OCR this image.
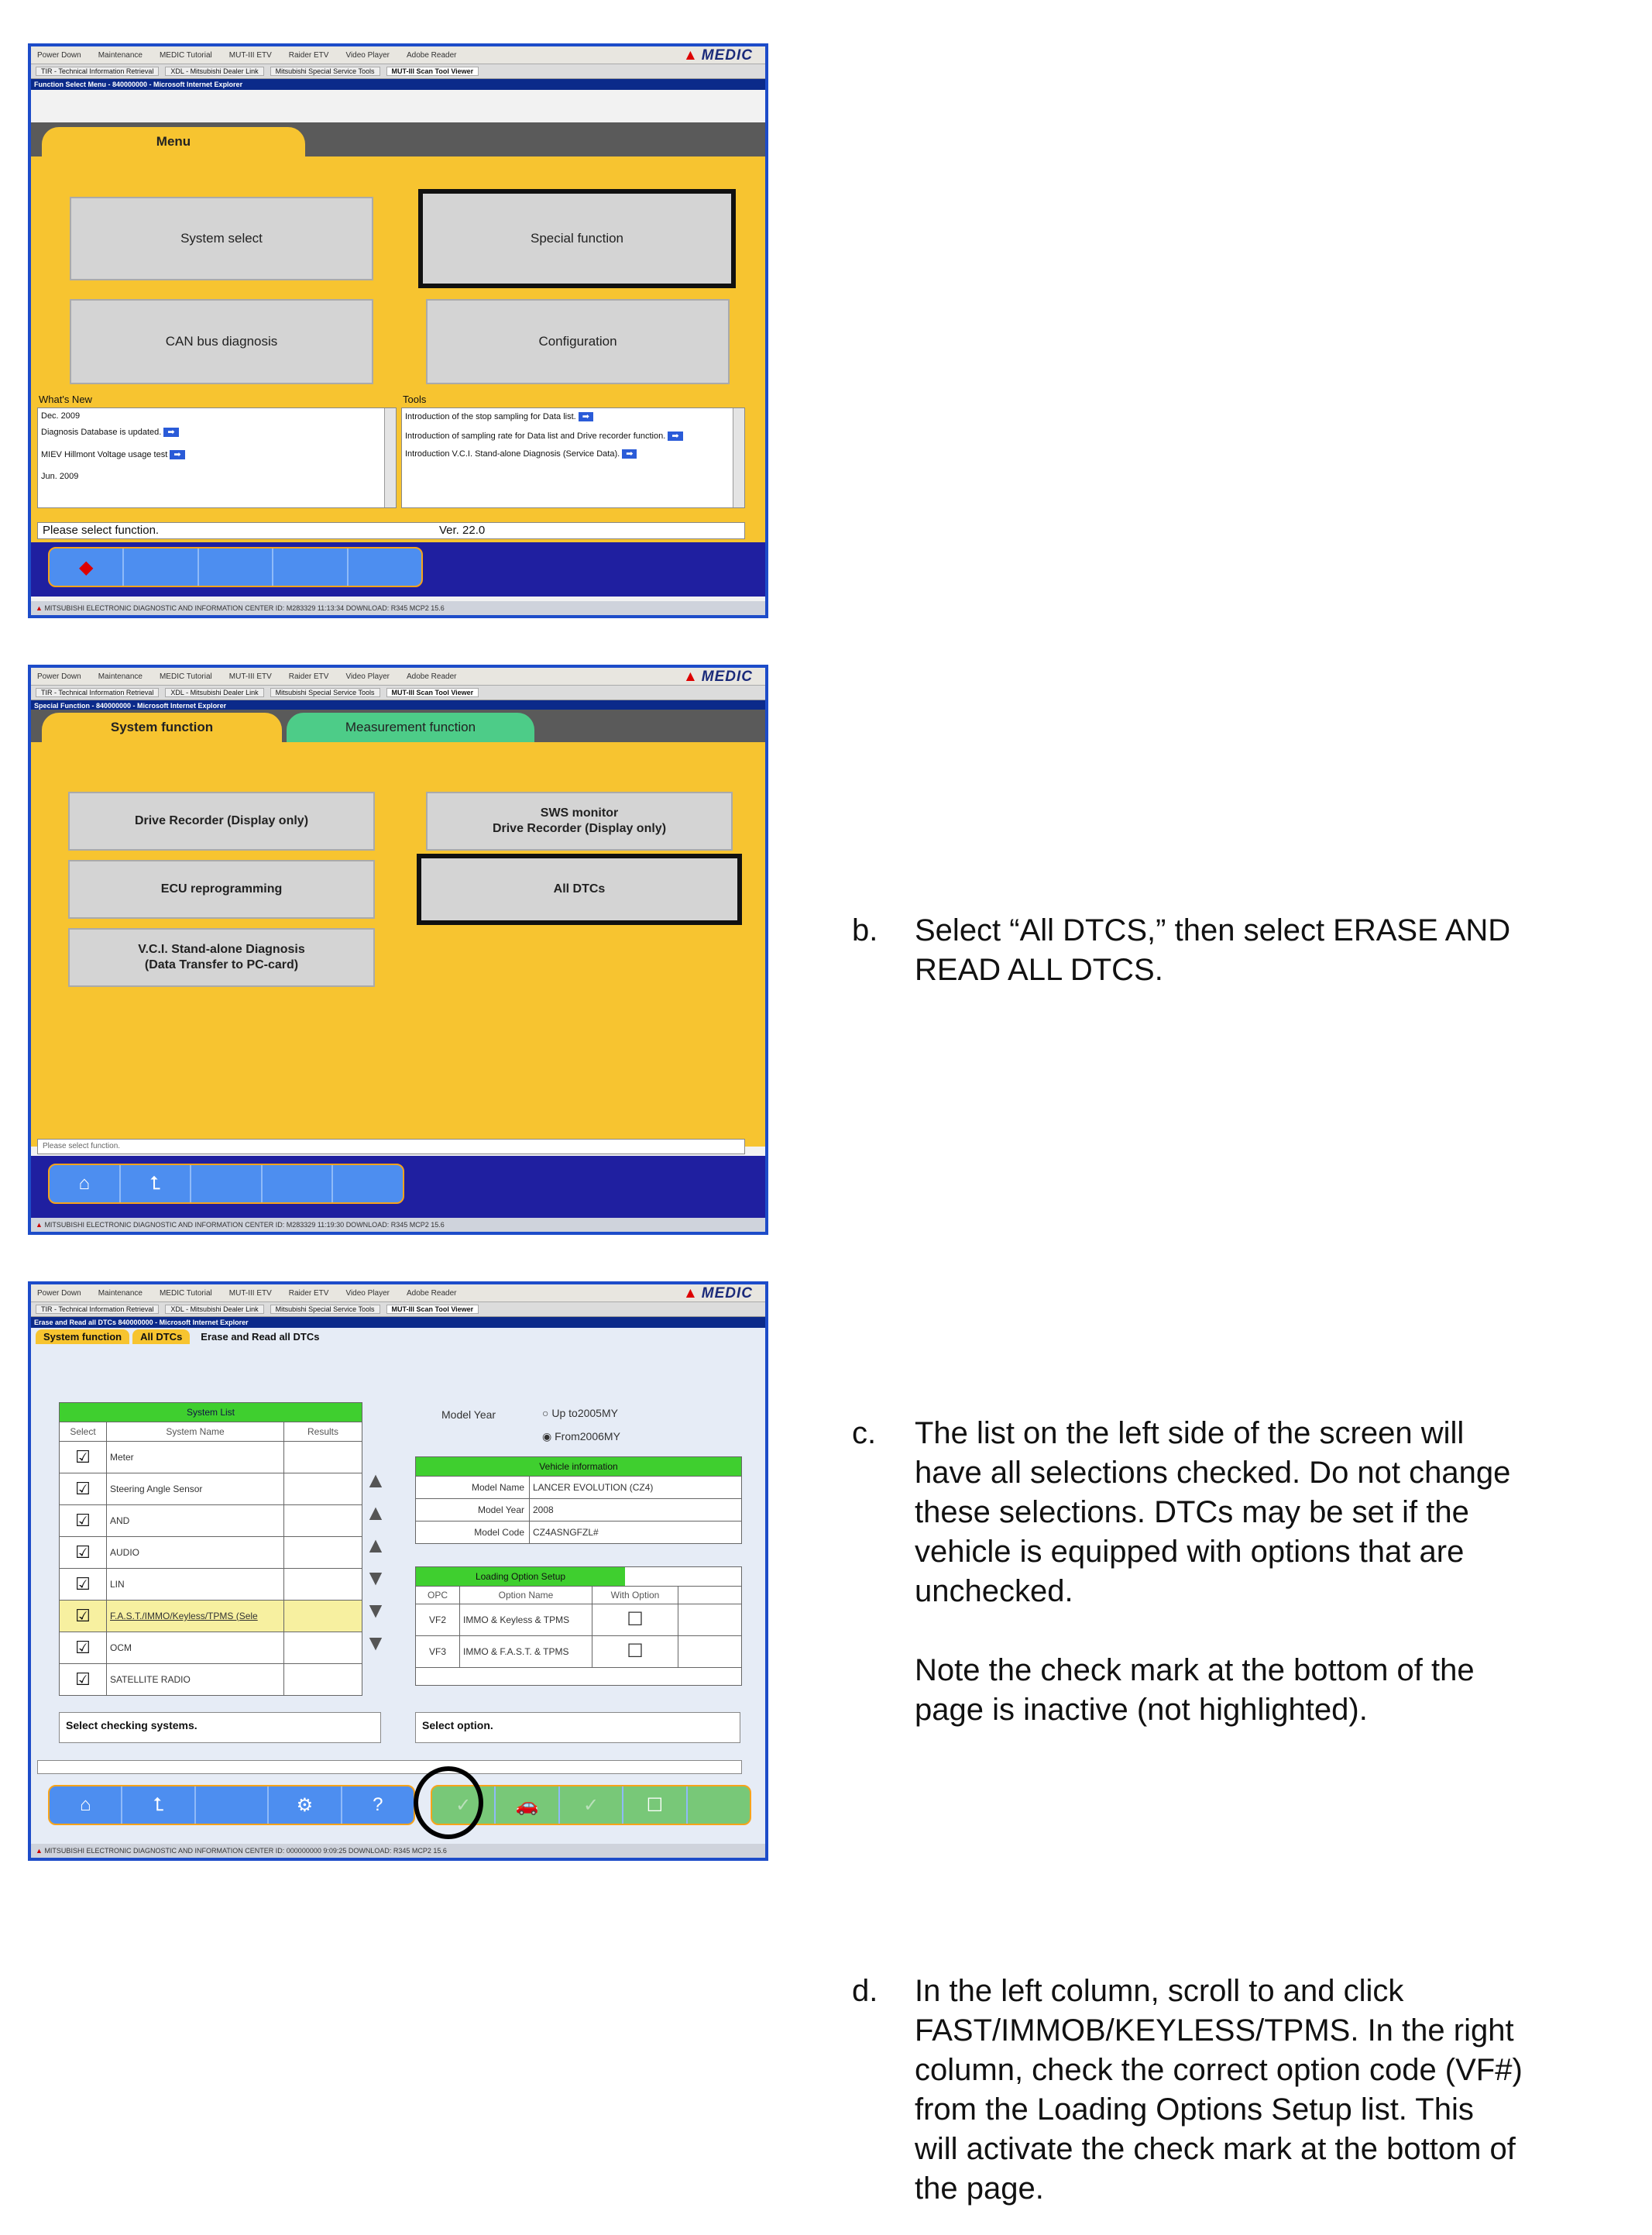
Power Down Maintenance MEDIC Tutorial MUT-III ETV Raider ETV Video Player Adobe Reader	▲ MEDIC
TIR - Technical Information Retrieval	XDL - Mitsubishi Dealer Link	Mitsubishi Special Service Tools	MUT-III Scan Tool Viewer
Function Select Menu - 840000000 - Microsoft Internet Explorer
Menu
System select	Special function
CAN bus diagnosis	Configuration
What's New
Dec. 2009
Diagnosis Database is updated. ➡
MIEV Hillmont Voltage usage test ➡
Jun. 2009
Tools
Introduction of the stop sampling for Data list. ➡
Introduction of sampling rate for Data list and Drive recorder function. ➡
Introduction V.C.I. Stand-alone Diagnosis (Service Data). ➡
Please select function.	Ver. 22.0
◆
▲ MITSUBISHI ELECTRONIC DIAGNOSTIC AND INFORMATION CENTER ID: M283329 11:13:34 DOWNLOAD: R345 MCP2 15.6
Power Down Maintenance MEDIC Tutorial MUT-III ETV Raider ETV Video Player Adobe Reader	▲ MEDIC
TIR - Technical Information Retrieval	XDL - Mitsubishi Dealer Link	Mitsubishi Special Service Tools	MUT-III Scan Tool Viewer
Special Function - 840000000 - Microsoft Internet Explorer
System function	Measurement function
Drive Recorder (Display only)
SWS monitor
Drive Recorder (Display only)
ECU reprogramming	All DTCs
V.C.I. Stand-alone Diagnosis
(Data Transfer to PC-card)
Please select function.
⌂	⮤
▲ MITSUBISHI ELECTRONIC DIAGNOSTIC AND INFORMATION CENTER ID: M283329 11:19:30 DOWNLOAD: R345 MCP2 15.6
Power Down Maintenance MEDIC Tutorial MUT-III ETV Raider ETV Video Player Adobe Reader	▲ MEDIC
TIR - Technical Information Retrieval	XDL - Mitsubishi Dealer Link	Mitsubishi Special Service Tools	MUT-III Scan Tool Viewer
Erase and Read all DTCs 840000000 - Microsoft Internet Explorer
System function	All DTCs	Erase and Read all DTCs
System List
Select	System Name	Results
☑	Meter
☑	Steering Angle Sensor
☑	AND
☑	AUDIO
☑	LIN
☑	F.A.S.T./IMMO/Keyless/TPMS (Sele
☑	OCM
☑	SATELLITE RADIO
▲
▲
▲
▼
▼
▼
Select checking systems.
Model Year	○ Up to2005MY
◉ From2006MY
Vehicle information
Model Name LANCER EVOLUTION (CZ4)
Model Year 2008
Model Code CZ4ASNGFZL#
Loading Option Setup
OPC	Option Name	With Option
VF2	IMMO & Keyless & TPMS	☐
VF3	IMMO & F.A.S.T. & TPMS	☐
Select option.
⌂	⮤	⚙	?	✓	🚗	✓	☐
▲ MITSUBISHI ELECTRONIC DIAGNOSTIC AND INFORMATION CENTER ID: 000000000 9:09:25 DOWNLOAD: R345 MCP2 15.6
b. Select “All DTCS,” then select ERASE AND
READ ALL DTCS.
c. The list on the left side of the screen will
have all selections checked. Do not change
these selections. DTCs may be set if the
vehicle is equipped with options that are
unchecked.
Note the check mark at the bottom of the
page is inactive (not highlighted).
d. In the left column, scroll to and click
FAST/IMMOB/KEYLESS/TPMS. In the right
column, check the correct option code (VF#)
from the Loading Options Setup list. This
will activate the check mark at the bottom of
the page.
